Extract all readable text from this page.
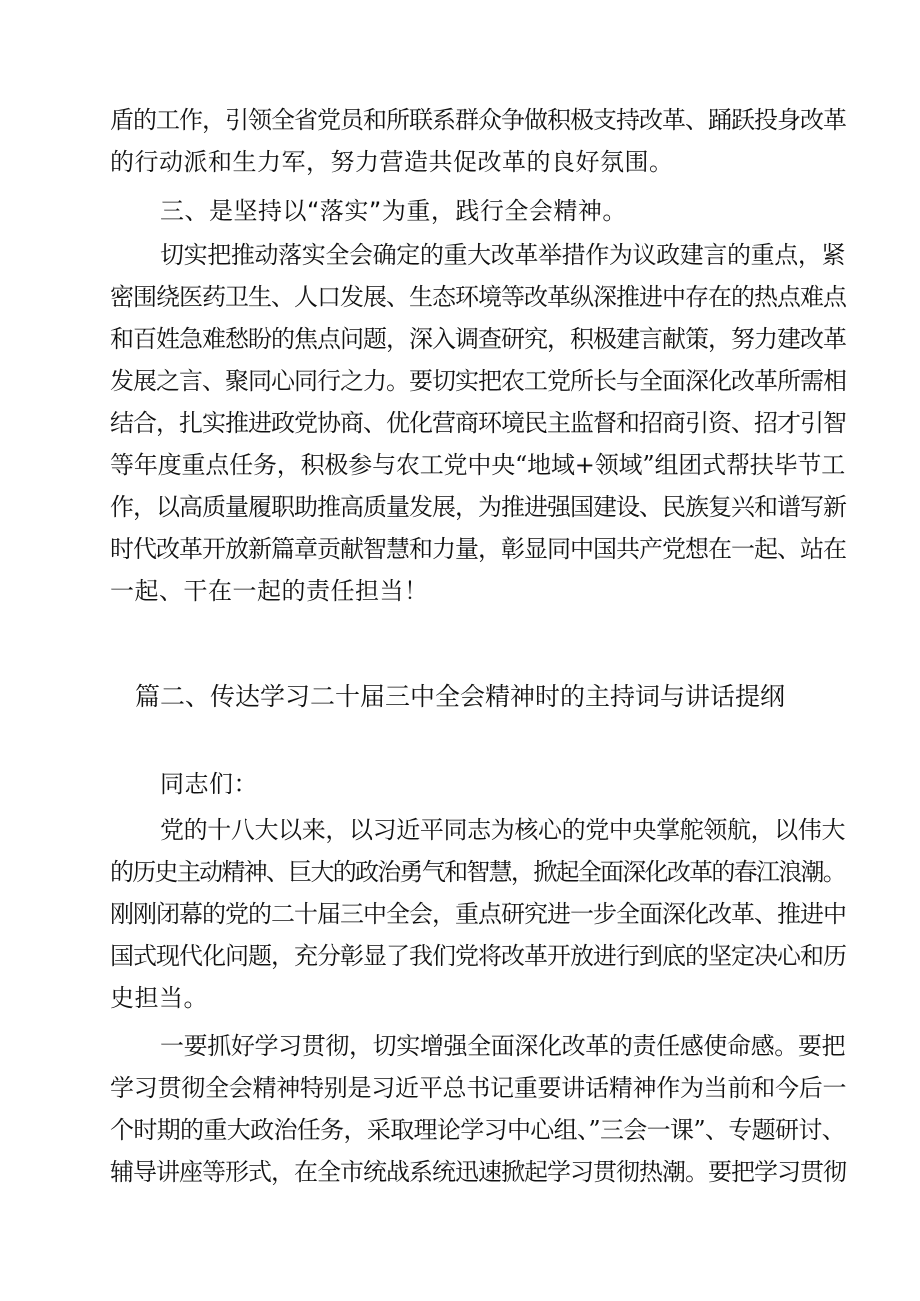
盾的工作，引领全省党员和所联系群众争做积极支持改革、踊跃投身改革
的行动派和生力军，努力营造共促改革的良好氛围。
三、是坚持以“落实”为重，践行全会精神。
切实把推动落实全会确定的重大改革举措作为议政建言的重点，紧
密围绕医药卫生、人口发展、生态环境等改革纵深推进中存在的热点难点
和百姓急难愁盼的焦点问题，深入调查研究，积极建言献策，努力建改革
发展之言、聚同心同行之力。要切实把农工党所长与全面深化改革所需相
结合，扎实推进政党协商、优化营商环境民主监督和招商引资、招才引智
等年度重点任务，积极参与农工党中央“地域+领域”组团式帮扶毕节工
作，以高质量履职助推高质量发展，为推进强国建设、民族复兴和谱写新
时代改革开放新篇章贡献智慧和力量，彰显同中国共产党想在一起、站在
一起、干在一起的责任担当！
篇二、传达学习二十届三中全会精神时的主持词与讲话提纲
同志们：
党的十八大以来，以习近平同志为核心的党中央掌舵领航，以伟大
的历史主动精神、巨大的政治勇气和智慧，掀起全面深化改革的春江浪潮。
刚刚闭幕的党的二十届三中全会，重点研究进一步全面深化改革、推进中
国式现代化问题，充分彰显了我们党将改革开放进行到底的坚定决心和历
史担当。
一要抓好学习贯彻，切实增强全面深化改革的责任感使命感。要把
学习贯彻全会精神特别是习近平总书记重要讲话精神作为当前和今后一
个时期的重大政治任务，采取理论学习中心组、”三会一课”、专题研讨、
辅导讲座等形式，在全市统战系统迅速掀起学习贯彻热潮。要把学习贯彻
